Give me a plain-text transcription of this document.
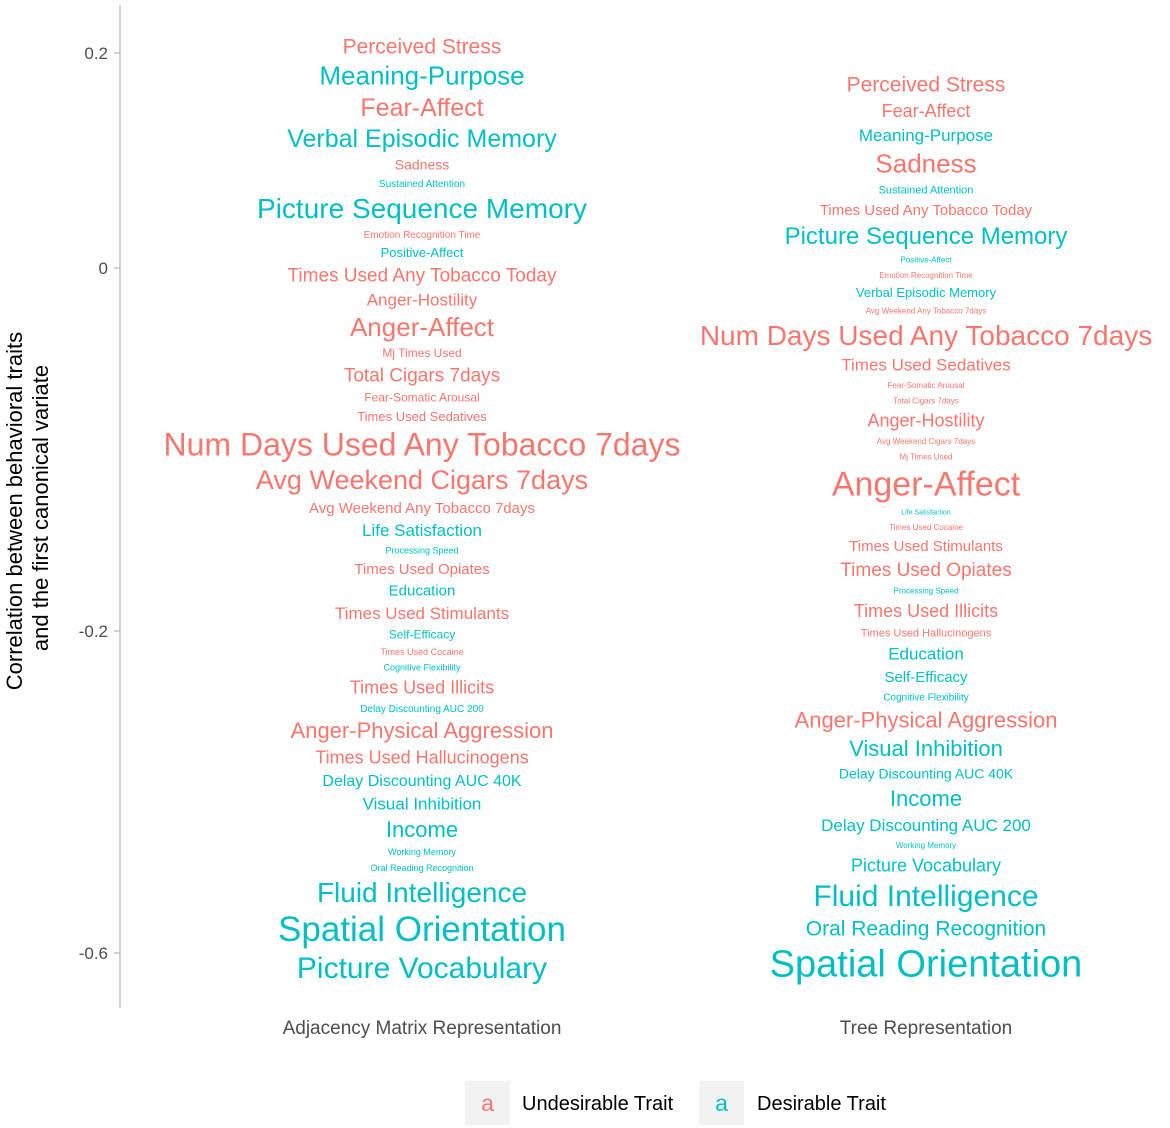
0.2
0
-0.2
-0.6
Correlation between behavioral traits and the first canonical variate
Perceived Stress
Meaning-Purpose
Fear-Affect
Verbal Episodic Memory
Sadness
Sustained Attention
Picture Sequence Memory
Emotion Recognition Time
Positive-Affect
Times Used Any Tobacco Today
Anger-Hostility
Anger-Affect
Mj Times Used
Total Cigars 7days
Fear-Somatic Arousal
Times Used Sedatives
Num Days Used Any Tobacco 7days
Avg Weekend Cigars 7days
Avg Weekend Any Tobacco 7days
Life Satisfaction
Processing Speed
Times Used Opiates
Education
Times Used Stimulants
Self-Efficacy
Times Used Cocaine
Cognitive Flexibility
Times Used Illicits
Delay Discounting AUC 200
Anger-Physical Aggression
Times Used Hallucinogens
Delay Discounting AUC 40K
Visual Inhibition
Income
Working Memory
Oral Reading Recognition
Fluid Intelligence
Spatial Orientation
Picture Vocabulary
Perceived Stress
Fear-Affect
Meaning-Purpose
Sadness
Sustained Attention
Times Used Any Tobacco Today
Picture Sequence Memory
Positive-Affect
Emotion Recognition Time
Verbal Episodic Memory
Avg Weekend Any Tobacco 7days
Num Days Used Any Tobacco 7days
Times Used Sedatives
Fear-Somatic Arousal
Total Cigars 7days
Anger-Hostility
Avg Weekend Cigars 7days
Mj Times Used
Anger-Affect
Life Satisfaction
Times Used Cocaine
Times Used Stimulants
Times Used Opiates
Processing Speed
Times Used Illicits
Times Used Hallucinogens
Education
Self-Efficacy
Cognitive Flexibility
Anger-Physical Aggression
Visual Inhibition
Delay Discounting AUC 40K
Income
Delay Discounting AUC 200
Working Memory
Picture Vocabulary
Fluid Intelligence
Oral Reading Recognition
Spatial Orientation
Adjacency Matrix Representation	Tree Representation
a Undesirable Trait a Desirable Trait
